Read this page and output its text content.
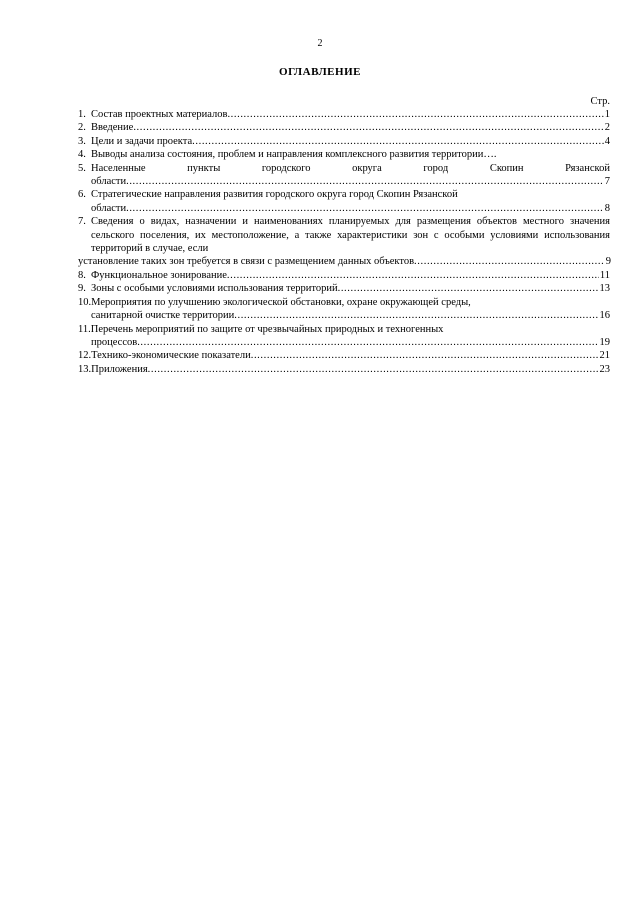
2
ОГЛАВЛЕНИЕ
Стр.
1. Состав проектных материалов .....	1
2. Введение .....	2
3. Цели и задачи проекта .....	4
4. Выводы анализа состояния, проблем и направления комплексного развития территории….
5. Населенные	пункты	городского	округа	город	Скопин	Рязанской
области .....	7
6. Стратегические направления развития городского округа город Скопин Рязанской
области .....	8
7. Сведения о видах, назначении и наименованиях планируемых для размещения объектов местного значения сельского поселения, их местоположение, а также характеристики зон с особыми условиями использования территорий в случае, если
установление таких зон требуется в связи с размещением данных объектов .....	9
8. Функциональное зонирование .....	11
9. Зоны с особыми условиями использования территорий .....	13
10. Мероприятия по улучшению экологической обстановки, охране окружающей среды,
санитарной очистке территории .....	16
11. Перечень мероприятий по защите от чрезвычайных природных и техногенных
процессов .....	19
12. Технико-экономические показатели .....	21
13. Приложения .....	23
